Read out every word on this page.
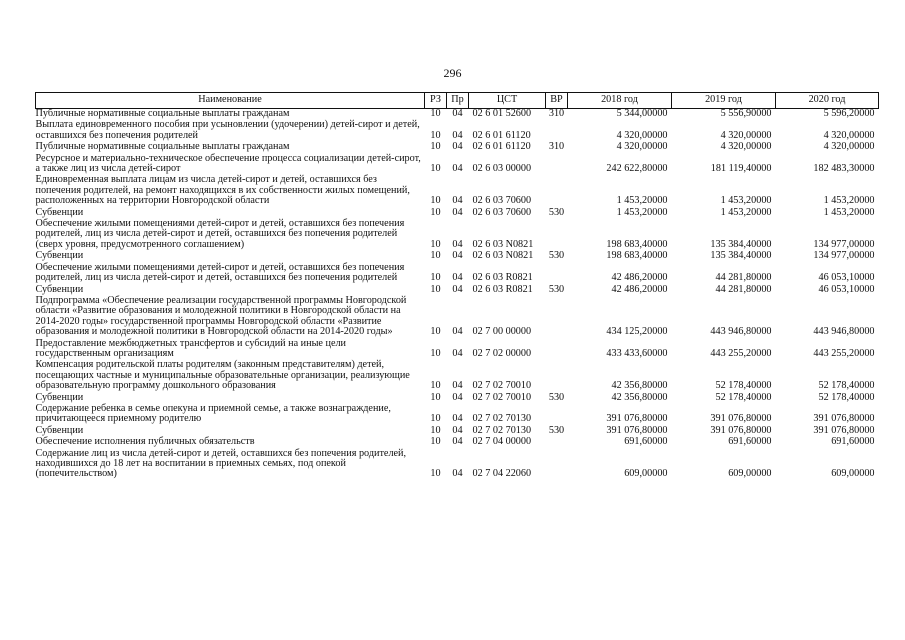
296
Наименование	РЗ	Пр	ЦСТ	ВР	2018 год	2019 год	2020 год
Публичные нормативные социальные выплаты гражданам	10	04	02 6 01 52600	310	5 344,00000	5 556,90000	5 596,20000
Выплата единовременного пособия при усыновлении (удочерении) детей-сирот и детей, оставшихся без попечения родителей	10	04	02 6 01 61120		4 320,00000	4 320,00000	4 320,00000
Публичные нормативные социальные выплаты гражданам	10	04	02 6 01 61120	310	4 320,00000	4 320,00000	4 320,00000
Ресурсное и материально-техническое обеспечение процесса социализации детей-сирот, а также лиц из числа детей-сирот	10	04	02 6 03 00000		242 622,80000	181 119,40000	182 483,30000
Единовременная выплата лицам из числа детей-сирот и детей, оставшихся без попечения родителей, на ремонт находящихся в их собственности жилых помещений, расположенных на территории Новгородской области	10	04	02 6 03 70600		1 453,20000	1 453,20000	1 453,20000
Субвенции	10	04	02 6 03 70600	530	1 453,20000	1 453,20000	1 453,20000
Обеспечение жилыми помещениями детей-сирот и детей, оставшихся без попечения родителей, лиц из числа детей-сирот и детей, оставшихся без попечения родителей (сверх уровня, предусмотренного соглашением)	10	04	02 6 03 N0821		198 683,40000	135 384,40000	134 977,00000
Субвенции	10	04	02 6 03 N0821	530	198 683,40000	135 384,40000	134 977,00000
Обеспечение жилыми помещениями детей-сирот и детей, оставшихся без попечения родителей, лиц из числа детей-сирот и детей, оставшихся без попечения родителей	10	04	02 6 03 R0821		42 486,20000	44 281,80000	46 053,10000
Субвенции	10	04	02 6 03 R0821	530	42 486,20000	44 281,80000	46 053,10000
Подпрограмма «Обеспечение реализации государственной программы Новгородской области «Развитие образования и молодежной политики в Новгородской области на 2014-2020 годы» государственной программы Новгородской области «Развитие образования и молодежной политики в Новгородской области на 2014-2020 годы»	10	04	02 7 00 00000		434 125,20000	443 946,80000	443 946,80000
Предоставление межбюджетных трансфертов и субсидий на иные цели государственным организациям	10	04	02 7 02 00000		433 433,60000	443 255,20000	443 255,20000
Компенсация родительской платы родителям (законным представителям) детей, посещающих частные и муниципальные образовательные организации, реализующие образовательную программу дошкольного образования	10	04	02 7 02 70010		42 356,80000	52 178,40000	52 178,40000
Субвенции	10	04	02 7 02 70010	530	42 356,80000	52 178,40000	52 178,40000
Содержание ребенка в семье опекуна и приемной семье, а также вознаграждение, причитающееся приемному родителю	10	04	02 7 02 70130		391 076,80000	391 076,80000	391 076,80000
Субвенции	10	04	02 7 02 70130	530	391 076,80000	391 076,80000	391 076,80000
Обеспечение исполнения публичных обязательств	10	04	02 7 04 00000		691,60000	691,60000	691,60000
Содержание лиц из числа детей-сирот и детей, оставшихся без попечения родителей, находившихся до 18 лет на воспитании в приемных семьях, под опекой (попечительством)	10	04	02 7 04 22060		609,00000	609,00000	609,00000
